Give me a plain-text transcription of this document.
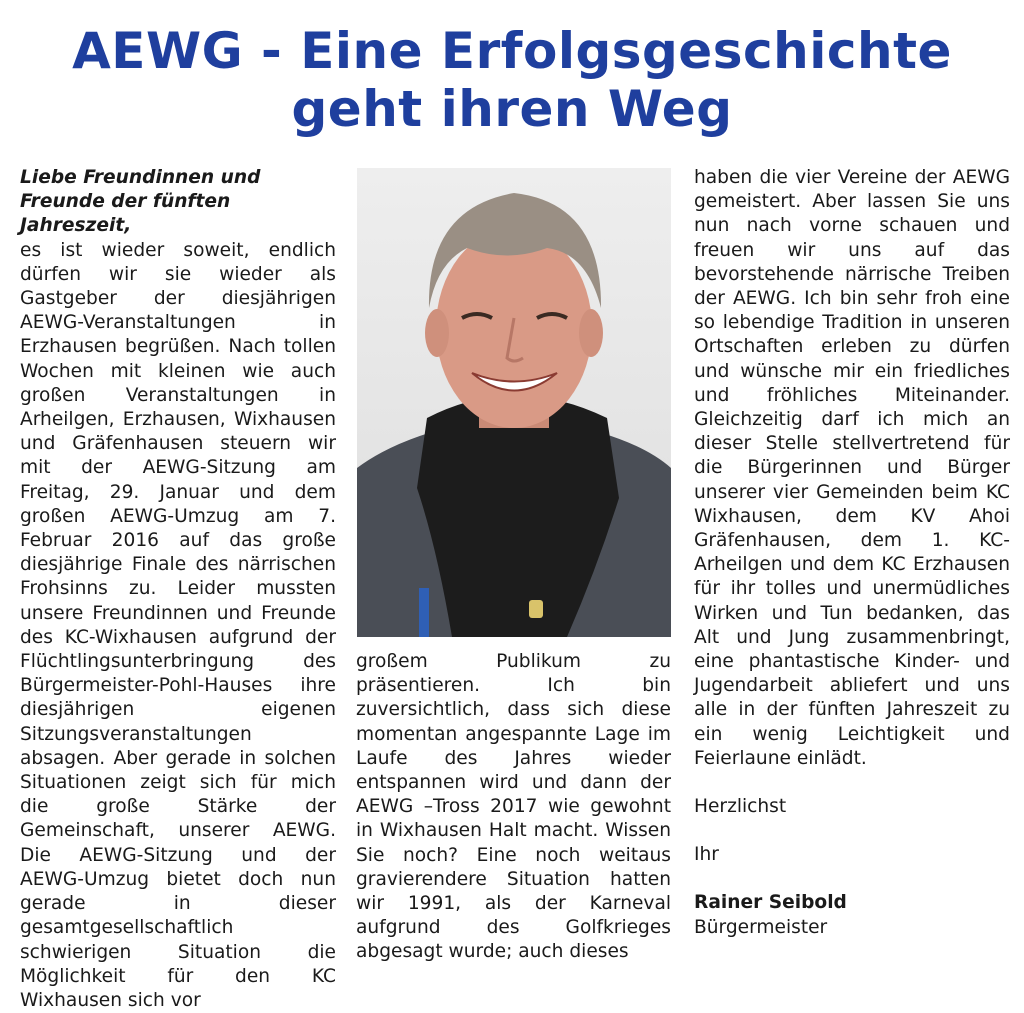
AEWG - Eine Erfolgsgeschichte
geht ihren Weg

Liebe Freundinnen und Freunde der fünften Jahreszeit,

es ist wieder soweit, endlich dürfen wir sie wieder als Gastgeber der diesjährigen AEWG-Veranstaltungen in Erzhausen begrüßen. Nach tollen Wochen mit kleinen wie auch großen Veranstaltungen in Arheilgen, Erzhausen, Wixhausen und Gräfenhausen steuern wir mit der AEWG-Sitzung am Freitag, 29. Januar und dem großen AEWG-Umzug am 7. Februar 2016 auf das große diesjährige Finale des närrischen Frohsinns zu. Leider mussten unsere Freundinnen und Freunde des KC-Wixhausen aufgrund der Flüchtlingsunterbringung des Bürgermeister-Pohl-Hauses ihre diesjährigen eigenen Sitzungsveranstaltungen absagen. Aber gerade in solchen Situationen zeigt sich für mich die große Stärke der Gemeinschaft, unserer AEWG. Die AEWG-Sitzung und der AEWG-Umzug bietet doch nun gerade in dieser gesamtgesellschaftlich schwierigen Situation die Möglichkeit für den KC Wixhausen sich vor

großem Publikum zu präsentieren. Ich bin zuversichtlich, dass sich diese momentan angespannte Lage im Laufe des Jahres wieder entspannen wird und dann der AEWG –Tross 2017 wie gewohnt in Wixhausen Halt macht. Wissen Sie noch? Eine noch weitaus gravierendere Situation hatten wir 1991, als der Karneval aufgrund des Golfkrieges abgesagt wurde; auch dieses

haben die vier Vereine der AEWG gemeistert. Aber lassen Sie uns nun nach vorne schauen und freuen wir uns auf das bevorstehende närrische Treiben der AEWG. Ich bin sehr froh eine so lebendige Tradition in unseren Ortschaften erleben zu dürfen und wünsche mir ein friedliches und fröhliches Miteinander. Gleichzeitig darf ich mich an dieser Stelle stellvertretend für die Bürgerinnen und Bürger unserer vier Gemeinden beim KC Wixhausen, dem KV Ahoi Gräfenhausen, dem 1. KC-Arheilgen und dem KC Erzhausen für ihr tolles und unermüdliches Wirken und Tun bedanken, das Alt und Jung zusammenbringt, eine phantastische Kinder- und Jugendarbeit abliefert und uns alle in der fünften Jahreszeit zu ein wenig Leichtigkeit und Feierlaune einlädt.

Herzlichst

Ihr

Rainer Seibold

Bürgermeister
